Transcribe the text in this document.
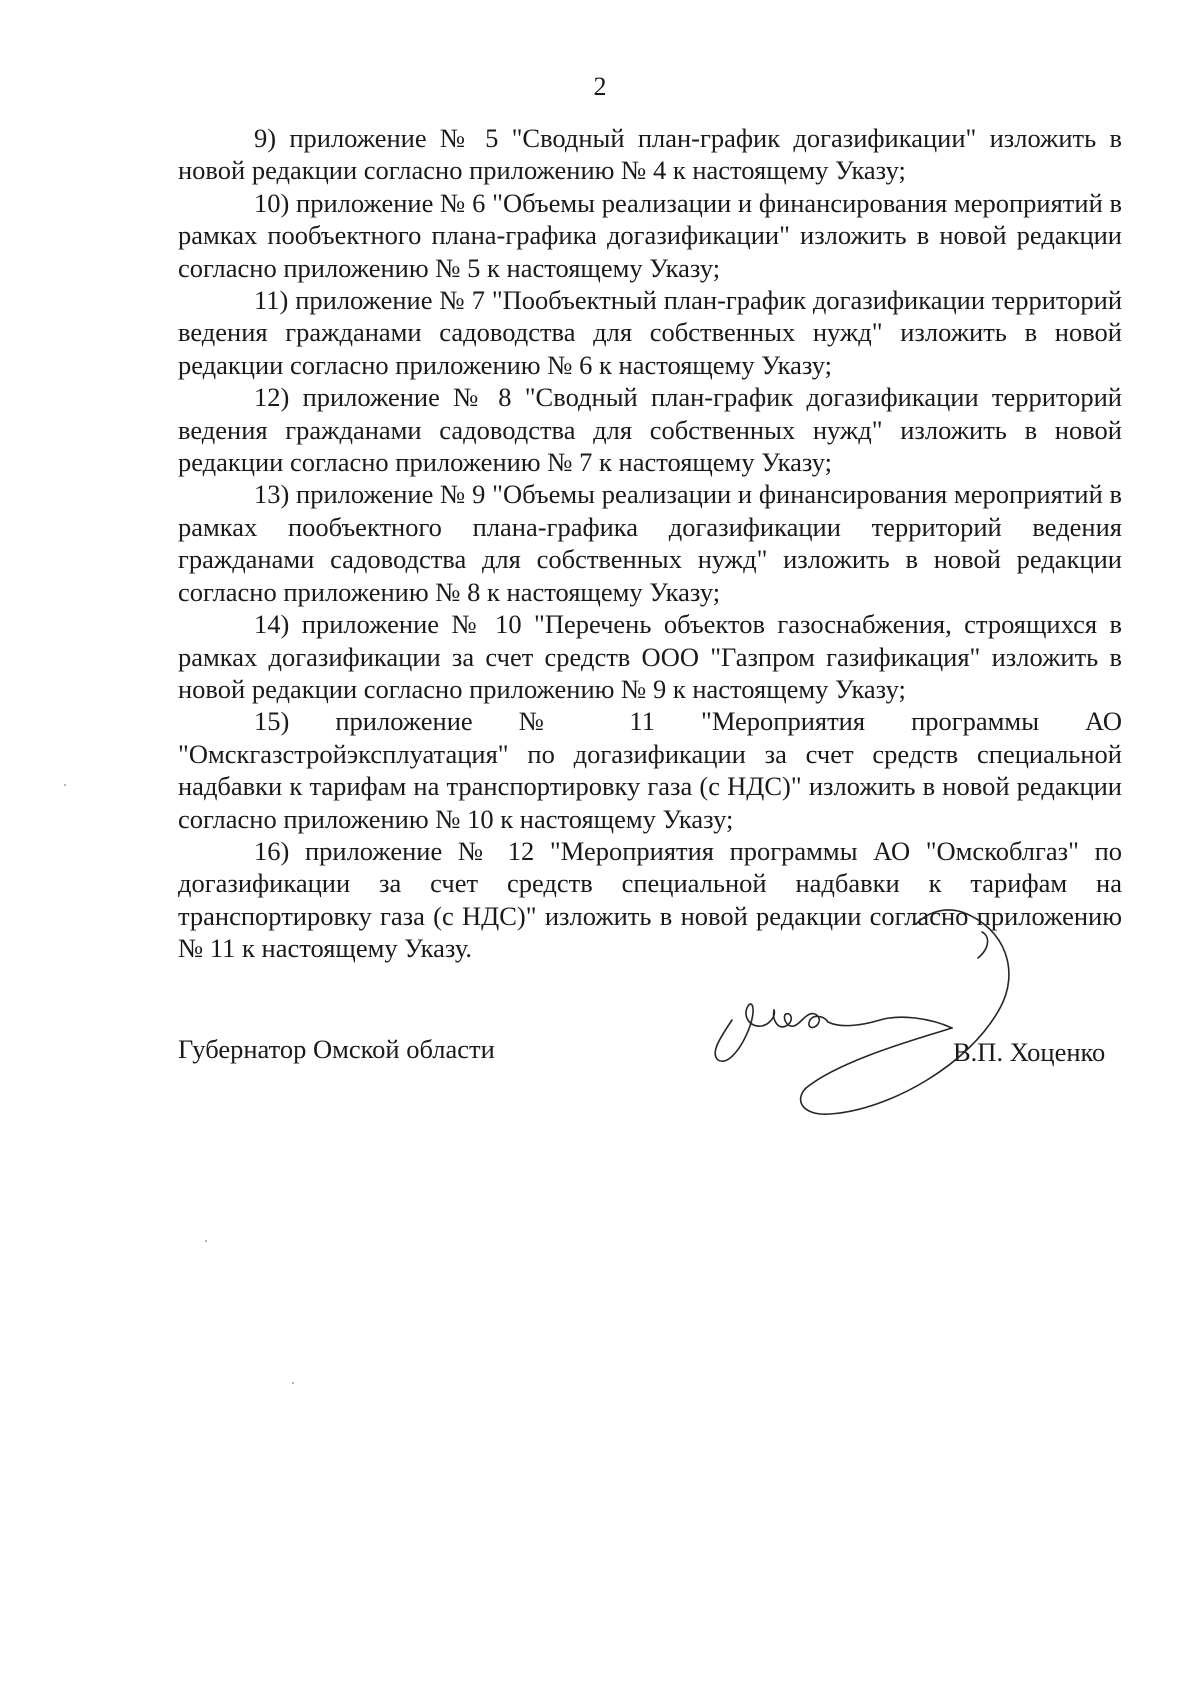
2

9) приложение № 5 "Сводный план-график догазификации" изложить в новой редакции согласно приложению № 4 к настоящему Указу;

10) приложение № 6 "Объемы реализации и финансирования мероприятий в рамках пообъектного плана-графика догазификации" изложить в новой редакции согласно приложению № 5 к настоящему Указу;

11) приложение № 7 "Пообъектный план-график догазификации территорий ведения гражданами садоводства для собственных нужд" изложить в новой редакции согласно приложению № 6 к настоящему Указу;

12) приложение № 8 "Сводный план-график догазификации территорий ведения гражданами садоводства для собственных нужд" изложить в новой редакции согласно приложению № 7 к настоящему Указу;

13) приложение № 9 "Объемы реализации и финансирования мероприятий в рамках пообъектного плана-графика догазификации территорий ведения гражданами садоводства для собственных нужд" изложить в новой редакции согласно приложению № 8 к настоящему Указу;

14) приложение № 10 "Перечень объектов газоснабжения, строящихся в рамках догазификации за счет средств ООО "Газпром газификация" изложить в новой редакции согласно приложению № 9 к настоящему Указу;

15) приложение № 11 "Мероприятия программы АО "Омскгазстройэксплуатация" по догазификации за счет средств специальной надбавки к тарифам на транспортировку газа (с НДС)" изложить в новой редакции согласно приложению № 10 к настоящему Указу;

16) приложение № 12 "Мероприятия программы АО "Омскоблгаз" по догазификации за счет средств специальной надбавки к тарифам на транспортировку газа (с НДС)" изложить в новой редакции согласно приложению № 11 к настоящему Указу.

Губернатор Омской области	В.П. Хоценко
